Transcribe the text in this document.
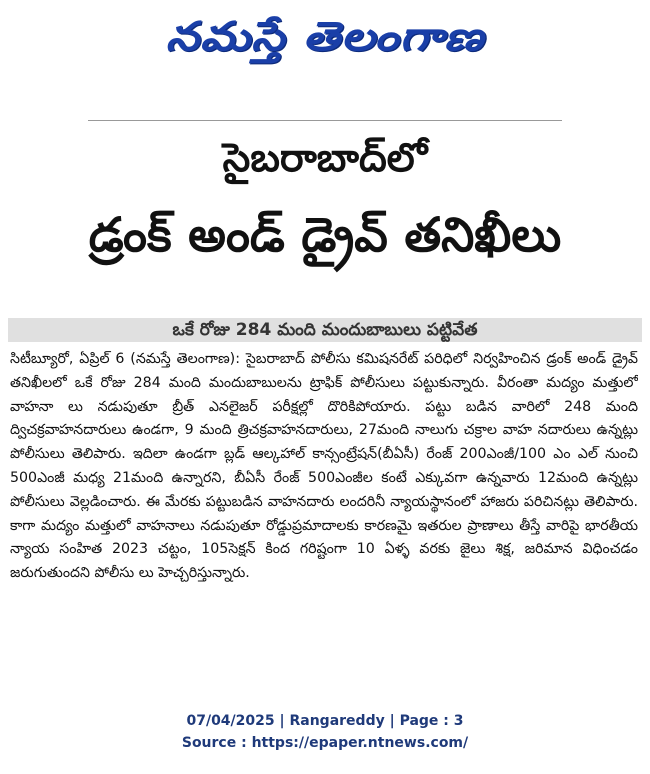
నమస్తే తెలంగాణ
సైబరాబాద్‌లో
డ్రంక్ అండ్ డ్రైవ్ తనిఖీలు
ఒకే రోజు 284 మంది మందుబాబులు పట్టివేత

సిటీబ్యూరో, ఏప్రిల్ 6 (నమస్తే తెలంగాణ): సైబరాబాద్ పోలీసు కమిషనరేట్ పరిధిలో నిర్వహించిన డ్రంక్ అండ్ డ్రైవ్ తనిఖీలలో ఒకే రోజు 284 మంది మందుబాబులను ట్రాఫిక్ పోలీసులు పట్టుకున్నారు. వీరంతా మద్యం మత్తులో వాహనా లు నడుపుతూ బ్రీత్ ఎనలైజర్ పరీక్షల్లో దొరికిపోయారు. పట్టు బడిన వారిలో 248 మంది ద్విచక్రవాహనదారులు ఉండగా, 9 మంది త్రిచక్రవాహనదారులు, 27మంది నాలుగు చక్రాల వాహ నదారులు ఉన్నట్లు పోలీసులు తెలిపారు. ఇదిలా ఉండగా బ్లడ్ ఆల్కహాల్ కాన్సంట్రేషన్(బీఏసీ) రేంజ్ 200ఎంజీ/100 ఎం ఎల్ నుంచి 500ఎంజీ మధ్య 21మంది ఉన్నారని, బీఏసీ రేంజ్ 500ఎంజీల కంటే ఎక్కువగా ఉన్నవారు 12మంది ఉన్నట్లు పోలీసులు వెల్లడించారు. ఈ మేరకు పట్టుబడిన వాహనదారు లందరినీ న్యాయస్థానంలో హాజరు పరిచినట్లు తెలిపారు. కాగా మద్యం మత్తులో వాహనాలు నడుపుతూ రోడ్డుప్రమాదాలకు కారణమై ఇతరుల ప్రాణాలు తీస్తే వారిపై భారతీయ న్యాయ సంహిత 2023 చట్టం, 105సెక్షన్ కింద గరిష్టంగా 10 ఏళ్ళ వరకు జైలు శిక్ష, జరిమాన విధించడం జరుగుతుందని పోలీసు లు హెచ్చరిస్తున్నారు.

07/04/2025 | Rangareddy | Page : 3
Source : https://epaper.ntnews.com/
